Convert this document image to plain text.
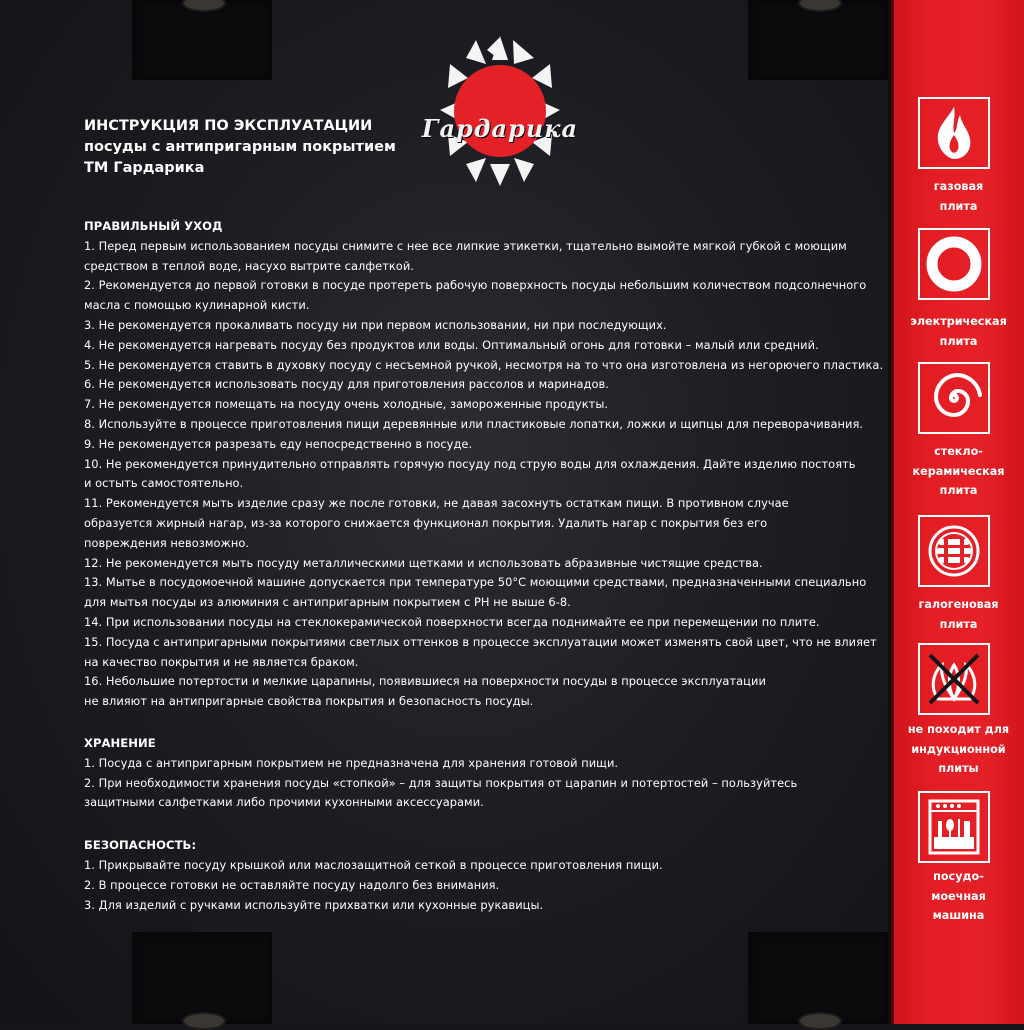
Гардарика
ИНСТРУКЦИЯ ПО ЭКСПЛУАТАЦИИ
посуды с антипригарным покрытием
ТМ Гардарика
ПРАВИЛЬНЫЙ УХОД
1. Перед первым использованием посуды снимите с нее все липкие этикетки, тщательно вымойте мягкой губкой с моющим
средством в теплой воде, насухо вытрите салфеткой.
2. Рекомендуется до первой готовки в посуде протереть рабочую поверхность посуды небольшим количеством подсолнечного
масла с помощью кулинарной кисти.
3. Не рекомендуется прокаливать посуду ни при первом использовании, ни при последующих.
4. Не рекомендуется нагревать посуду без продуктов или воды. Оптимальный огонь для готовки – малый или средний.
5. Не рекомендуется ставить в духовку посуду с несъемной ручкой, несмотря на то что она изготовлена из негорючего пластика.
6. Не рекомендуется использовать посуду для приготовления рассолов и маринадов.
7. Не рекомендуется помещать на посуду очень холодные, замороженные продукты.
8. Используйте в процессе приготовления пищи деревянные или пластиковые лопатки, ложки и щипцы для переворачивания.
9. Не рекомендуется разрезать еду непосредственно в посуде.
10. Не рекомендуется принудительно отправлять горячую посуду под струю воды для охлаждения. Дайте изделию постоять
и остыть самостоятельно.
11. Рекомендуется мыть изделие сразу же после готовки, не давая засохнуть остаткам пищи. В противном случае
образуется жирный нагар, из-за которого снижается функционал покрытия. Удалить нагар с покрытия без его
повреждения невозможно.
12. Не рекомендуется мыть посуду металлическими щетками и использовать абразивные чистящие средства.
13. Мытье в посудомоечной машине допускается при температуре 50°С моющими средствами, предназначенными специально
для мытья посуды из алюминия с антипригарным покрытием с РН не выше 6-8.
14. При использовании посуды на стеклокерамической поверхности всегда поднимайте ее при перемещении по плите.
15. Посуда с антипригарными покрытиями светлых оттенков в процессе эксплуатации может изменять свой цвет, что не влияет
на качество покрытия и не является браком.
16. Небольшие потертости и мелкие царапины, появившиеся на поверхности посуды в процессе эксплуатации
не влияют на антипригарные свойства покрытия и безопасность посуды.
ХРАНЕНИЕ
1. Посуда с антипригарным покрытием не предназначена для хранения готовой пищи.
2. При необходимости хранения посуды «стопкой» – для защиты покрытия от царапин и потертостей – пользуйтесь
защитными салфетками либо прочими кухонными аксессуарами.
БЕЗОПАСНОСТЬ:
1. Прикрывайте посуду крышкой или маслозащитной сеткой в процессе приготовления пищи.
2. В процессе готовки не оставляйте посуду надолго без внимания.
3. Для изделий с ручками используйте прихватки или кухонные рукавицы.
газовая
плита
электрическая
плита
стекло-
керамическая
плита
галогеновая
плита
не походит для
индукционной
плиты
посудо-
моечная
машина
